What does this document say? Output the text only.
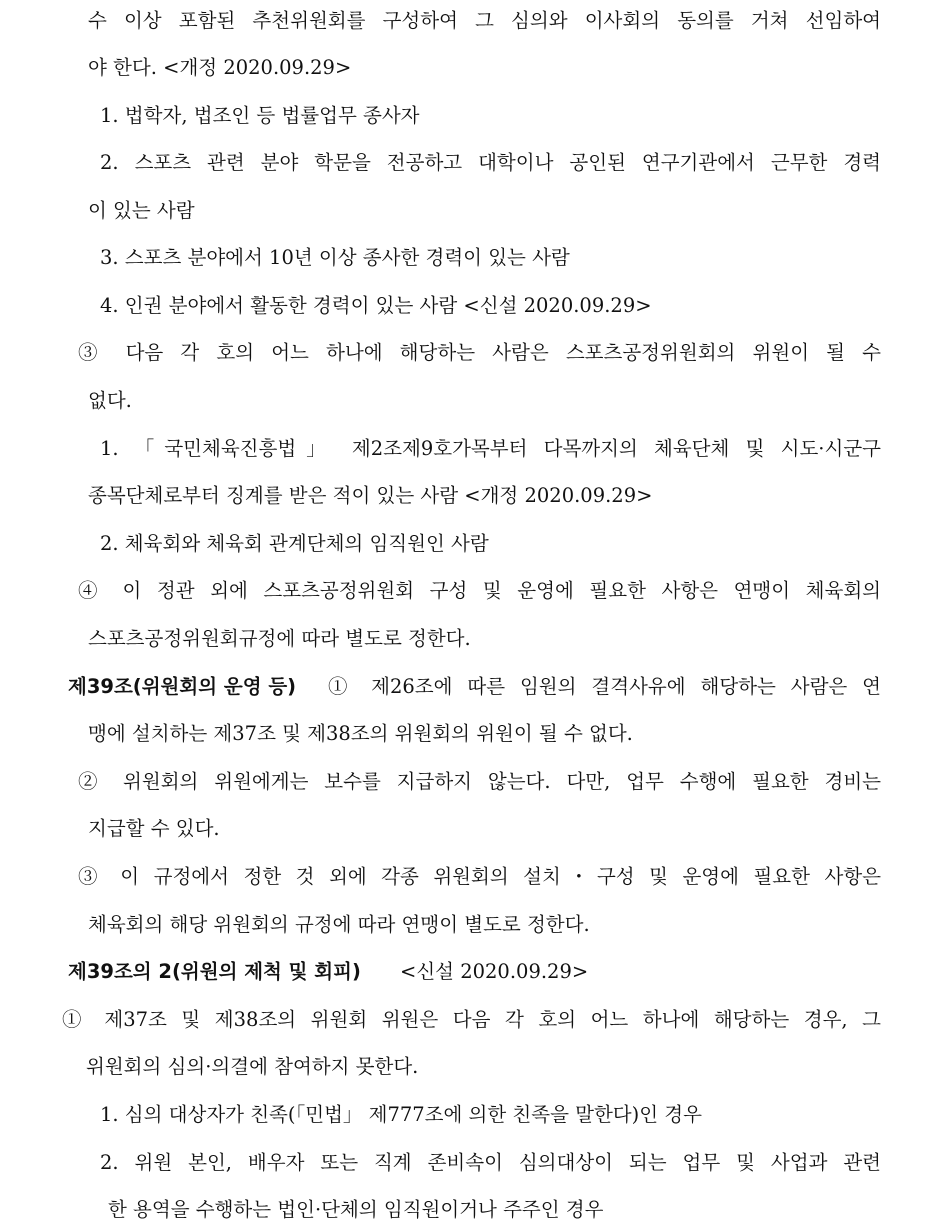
수 이상 포함된 추천위원회를 구성하여 그 심의와 이사회의 동의를 거쳐 선임하여
야 한다. <개정 2020.09.29>
1. 법학자, 법조인 등 법률업무 종사자
2. 스포츠 관련 분야 학문을 전공하고 대학이나 공인된 연구기관에서 근무한 경력
이 있는 사람
3. 스포츠 분야에서 10년 이상 종사한 경력이 있는 사람
4. 인권 분야에서 활동한 경력이 있는 사람 <신설 2020.09.29>
③ 다음 각 호의 어느 하나에 해당하는 사람은 스포츠공정위원회의 위원이 될 수
없다.
1. 「국민체육진흥법」 제2조제9호가목부터 다목까지의 체육단체 및 시도·시군구
종목단체로부터 징계를 받은 적이 있는 사람 <개정 2020.09.29>
2. 체육회와 체육회 관계단체의 임직원인 사람
④ 이 정관 외에 스포츠공정위원회 구성 및 운영에 필요한 사항은 연맹이 체육회의
스포츠공정위원회규정에 따라 별도로 정한다.
제39조(위원회의 운영 등) ① 제26조에 따른 임원의 결격사유에 해당하는 사람은 연
맹에 설치하는 제37조 및 제38조의 위원회의 위원이 될 수 없다.
② 위원회의 위원에게는 보수를 지급하지 않는다. 다만, 업무 수행에 필요한 경비는
지급할 수 있다.
③ 이 규정에서 정한 것 외에 각종 위원회의 설치・구성 및 운영에 필요한 사항은
체육회의 해당 위원회의 규정에 따라 연맹이 별도로 정한다.
제39조의 2(위원의 제척 및 회피) <신설 2020.09.29>
① 제37조 및 제38조의 위원회 위원은 다음 각 호의 어느 하나에 해당하는 경우, 그
위원회의 심의·의결에 참여하지 못한다.
1. 심의 대상자가 친족(「민법」 제777조에 의한 친족을 말한다)인 경우
2. 위원 본인, 배우자 또는 직계 존비속이 심의대상이 되는 업무 및 사업과 관련
한 용역을 수행하는 법인·단체의 임직원이거나 주주인 경우
